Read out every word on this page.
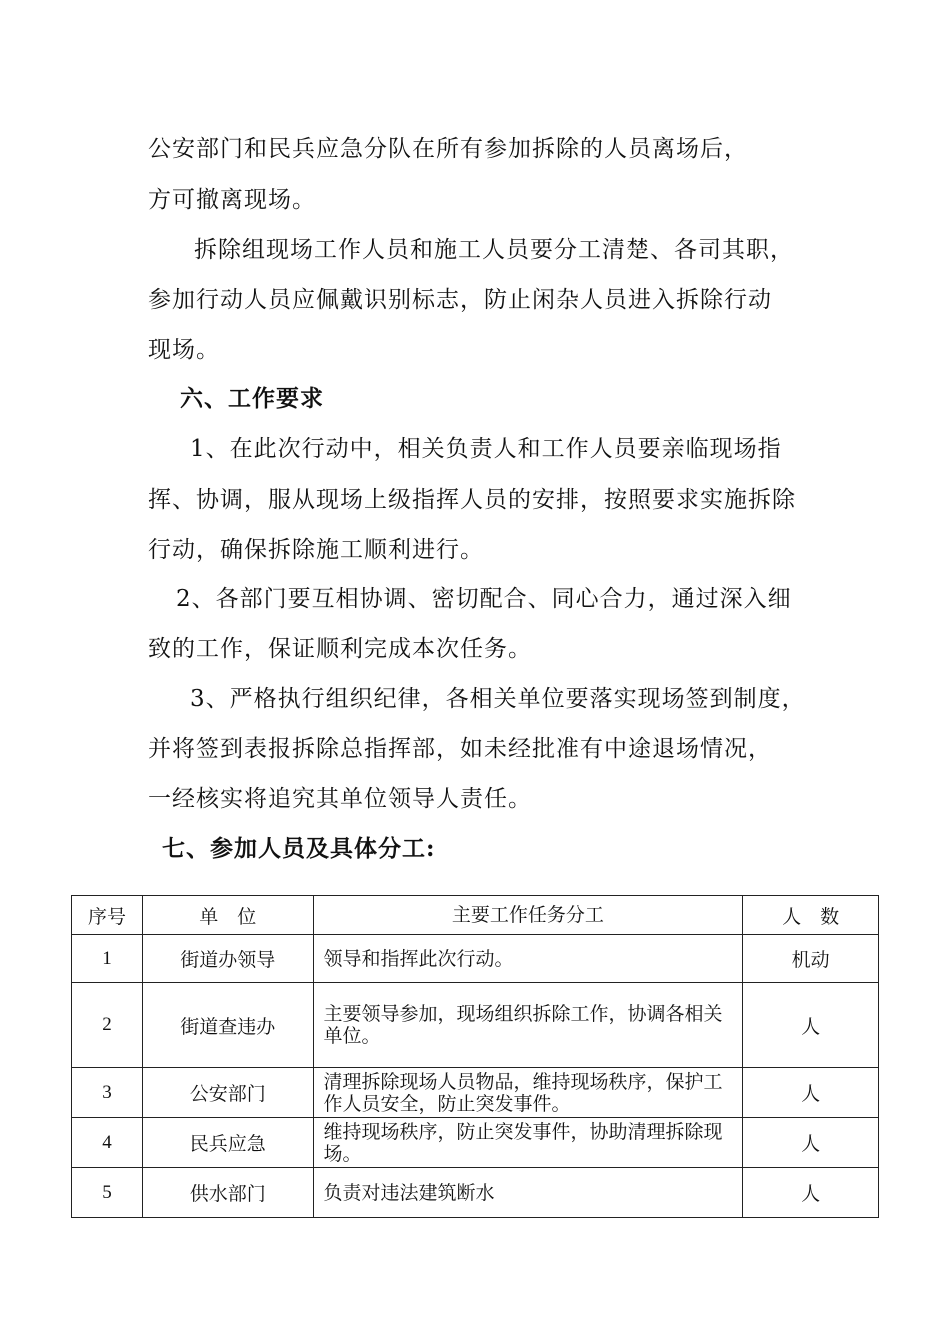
公安部门和民兵应急分队在所有参加拆除的人员离场后，
方可撤离现场。
拆除组现场工作人员和施工人员要分工清楚、各司其职，
参加行动人员应佩戴识别标志，防止闲杂人员进入拆除行动
现场。
六、工作要求
1、在此次行动中，相关负责人和工作人员要亲临现场指
挥、协调，服从现场上级指挥人员的安排，按照要求实施拆除
行动，确保拆除施工顺利进行。
2、各部门要互相协调、密切配合、同心合力，通过深入细
致的工作，保证顺利完成本次任务。
3、严格执行组织纪律，各相关单位要落实现场签到制度，
并将签到表报拆除总指挥部，如未经批准有中途退场情况，
一经核实将追究其单位领导人责任。
七、参加人员及具体分工:
序号	单　位	主要工作任务分工	人　数
1	街道办领导	领导和指挥此次行动。	机动
2	街道查违办	主要领导参加，现场组织拆除工作，协调各相关单位。	人
3	公安部门	清理拆除现场人员物品，维持现场秩序，保护工作人员安全，防止突发事件。	人
4	民兵应急	维持现场秩序，防止突发事件，协助清理拆除现场。	人
5	供水部门	负责对违法建筑断水	人
